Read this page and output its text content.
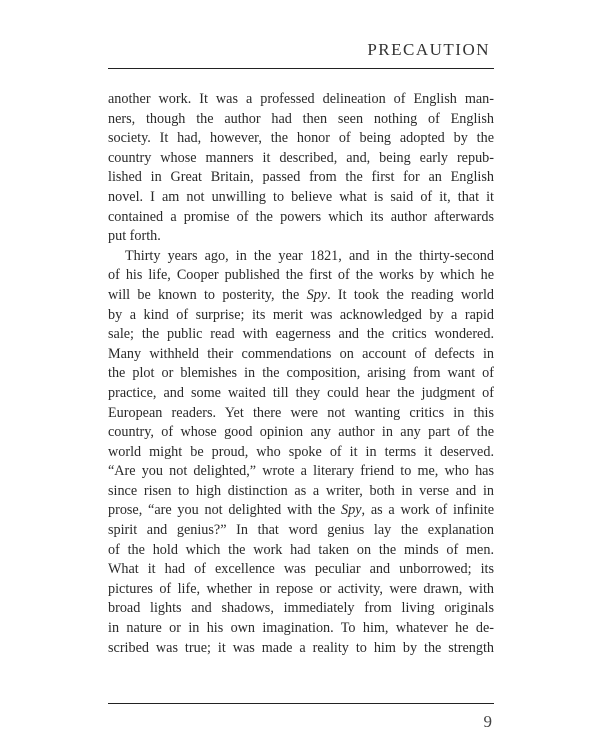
PRECAUTION
another work. It was a professed delineation of English man-
ners, though the author had then seen nothing of English
society. It had, however, the honor of being adopted by the
country whose manners it described, and, being early repub-
lished in Great Britain, passed from the first for an English
novel. I am not unwilling to believe what is said of it, that it
contained a promise of the powers which its author afterwards
put forth.
Thirty years ago, in the year 1821, and in the thirty-second
of his life, Cooper published the first of the works by which he
will be known to posterity, the Spy. It took the reading world
by a kind of surprise; its merit was acknowledged by a rapid
sale; the public read with eagerness and the critics wondered.
Many withheld their commendations on account of defects in
the plot or blemishes in the composition, arising from want of
practice, and some waited till they could hear the judgment of
European readers. Yet there were not wanting critics in this
country, of whose good opinion any author in any part of the
world might be proud, who spoke of it in terms it deserved.
“Are you not delighted,” wrote a literary friend to me, who has
since risen to high distinction as a writer, both in verse and in
prose, “are you not delighted with the Spy, as a work of infinite
spirit and genius?” In that word genius lay the explanation
of the hold which the work had taken on the minds of men.
What it had of excellence was peculiar and unborrowed; its
pictures of life, whether in repose or activity, were drawn, with
broad lights and shadows, immediately from living originals
in nature or in his own imagination. To him, whatever he de-
scribed was true; it was made a reality to him by the strength
9
